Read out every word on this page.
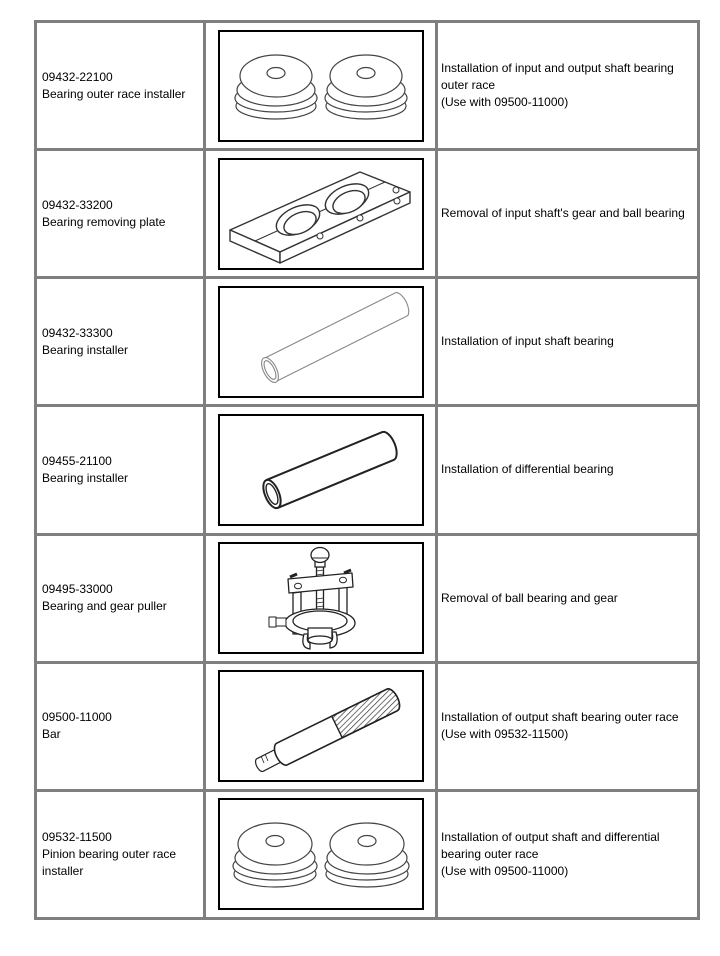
09432-22100
Bearing outer race installer
Installation of input and output shaft bearing outer race
(Use with 09500-11000)
09432-33200
Bearing removing plate
Removal of input shaft's gear and ball bearing
09432-33300
Bearing installer
Installation of input shaft bearing
09455-21100
Bearing installer
Installation of differential bearing
09495-33000
Bearing and gear puller
Removal of ball bearing and gear
09500-11000
Bar
Installation of output shaft bearing outer race
(Use with 09532-11500)
09532-11500
Pinion bearing outer race installer
Installation of output shaft and differential bearing outer race
(Use with 09500-11000)
